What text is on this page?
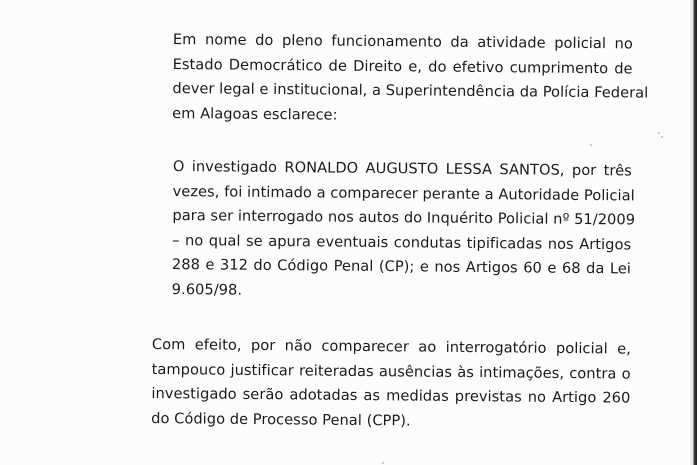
Em nome do pleno funcionamento da atividade policial no
Estado Democrático de Direito e, do efetivo cumprimento de
dever legal e institucional, a Superintendência da Polícia Federal
em Alagoas esclarece:
O investigado RONALDO AUGUSTO LESSA SANTOS, por três
vezes, foi intimado a comparecer perante a Autoridade Policial
para ser interrogado nos autos do Inquérito Policial nº 51/2009
– no qual se apura eventuais condutas tipificadas nos Artigos
288 e 312 do Código Penal (CP); e nos Artigos 60 e 68 da Lei
9.605/98.
Com efeito, por não comparecer ao interrogatório policial e,
tampouco justificar reiteradas ausências às intimações, contra o
investigado serão adotadas as medidas previstas no Artigo 260
do Código de Processo Penal (CPP).
